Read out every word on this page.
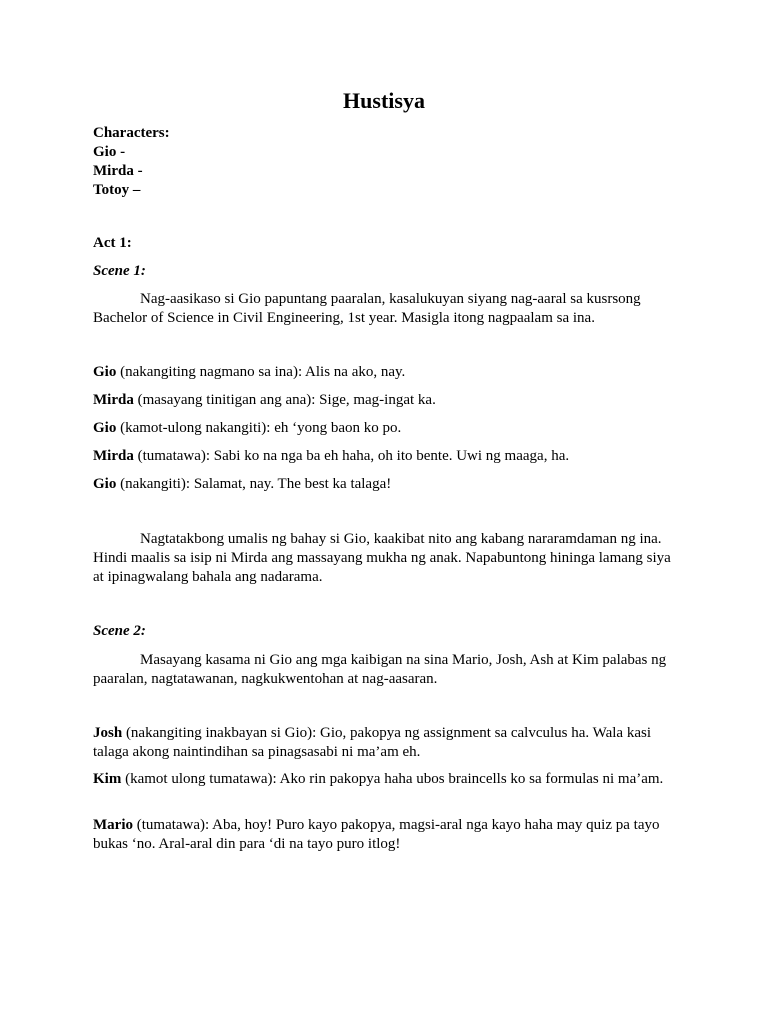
Hustisya
Characters:
Gio -
Mirda -
Totoy –
Act 1:
Scene 1:

Nag-aasikaso si Gio papuntang paaralan, kasalukuyan siyang nag-aaral sa kusrsong Bachelor of Science in Civil Engineering, 1st year. Masigla itong nagpaalam sa ina.

Gio (nakangiting nagmano sa ina): Alis na ako, nay.

Mirda (masayang tinitigan ang ana): Sige, mag-ingat ka.

Gio (kamot-ulong nakangiti): eh ‘yong baon ko po.

Mirda (tumatawa): Sabi ko na nga ba eh haha, oh ito bente. Uwi ng maaga, ha.

Gio (nakangiti): Salamat, nay. The best ka talaga!

Nagtatakbong umalis ng bahay si Gio, kaakibat nito ang kabang nararamdaman ng ina. Hindi maalis sa isip ni Mirda ang massayang mukha ng anak. Napabuntong hininga lamang siya at ipinagwalang bahala ang nadarama.

Scene 2:

Masayang kasama ni Gio ang mga kaibigan na sina Mario, Josh, Ash at Kim palabas ng paaralan, nagtatawanan, nagkukwentohan at nag-aasaran.

Josh (nakangiting inakbayan si Gio): Gio, pakopya ng assignment sa calvculus ha. Wala kasi talaga akong naintindihan sa pinagsasabi ni ma’am eh.

Kim (kamot ulong tumatawa): Ako rin pakopya haha ubos braincells ko sa formulas ni ma’am.

Mario (tumatawa): Aba, hoy! Puro kayo pakopya, magsi-aral nga kayo haha may quiz pa tayo bukas ‘no. Aral-aral din para ‘di na tayo puro itlog!
